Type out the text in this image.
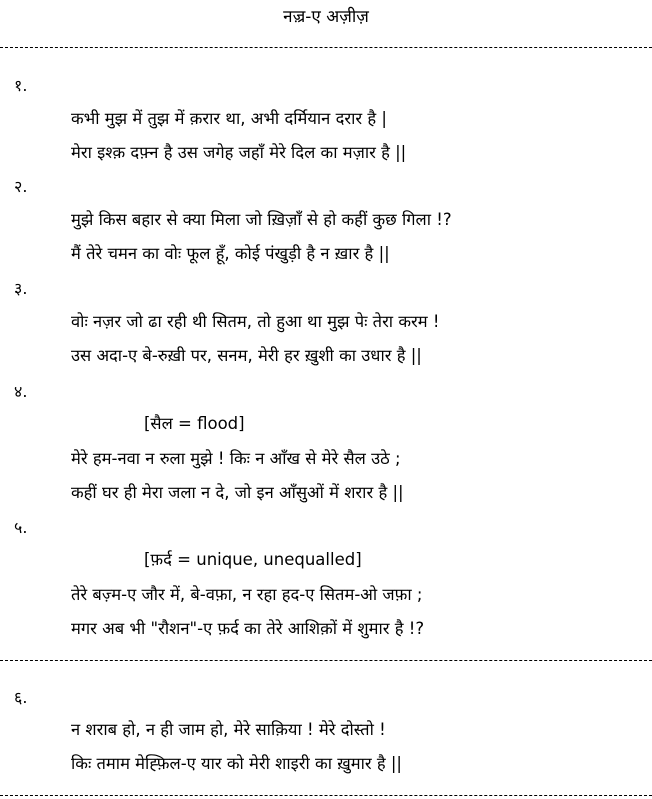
नज़्र-ए अज़ीज़
१.
कभी मुझ में तुझ में क़रार था, अभी दर्मियान दरार है |
मेरा इश्क़ दफ़्न है उस जगेह जहाँ मेरे दिल का मज़ार है ||
२.
मुझे किस बहार से क्या मिला जो ख़िज़ाँ से हो कहीं कुछ गिला !?
मैं तेरे चमन का वोः फूल हूँ, कोई पंखुड़ी है न ख़ार है ||
३.
वोः नज़र जो ढा रही थी सितम, तो हुआ था मुझ पेः तेरा करम !
उस अदा-ए बे-रुख़ी पर, सनम, मेरी हर ख़ुशी का उधार है ||
४.
[सैल = flood]
मेरे हम-नवा न रुला मुझे ! किः न आँख से मेरे सैल उठे ;
कहीं घर ही मेरा जला न दे, जो इन आँसुओं में शरार है ||
५.
[फ़र्द = unique, unequalled]
तेरे बज़्म-ए जौर में, बे-वफ़ा, न रहा हद-ए सितम-ओ जफ़ा ;
मगर अब भी "रौशन"-ए फ़र्द का तेरे आशिक़ों में शुमार है !?
६.
न शराब हो, न ही जाम हो, मेरे साक़िया ! मेरे दोस्तो !
किः तमाम मेह्फ़िल-ए यार को मेरी शाइरी का ख़ुमार है ||
